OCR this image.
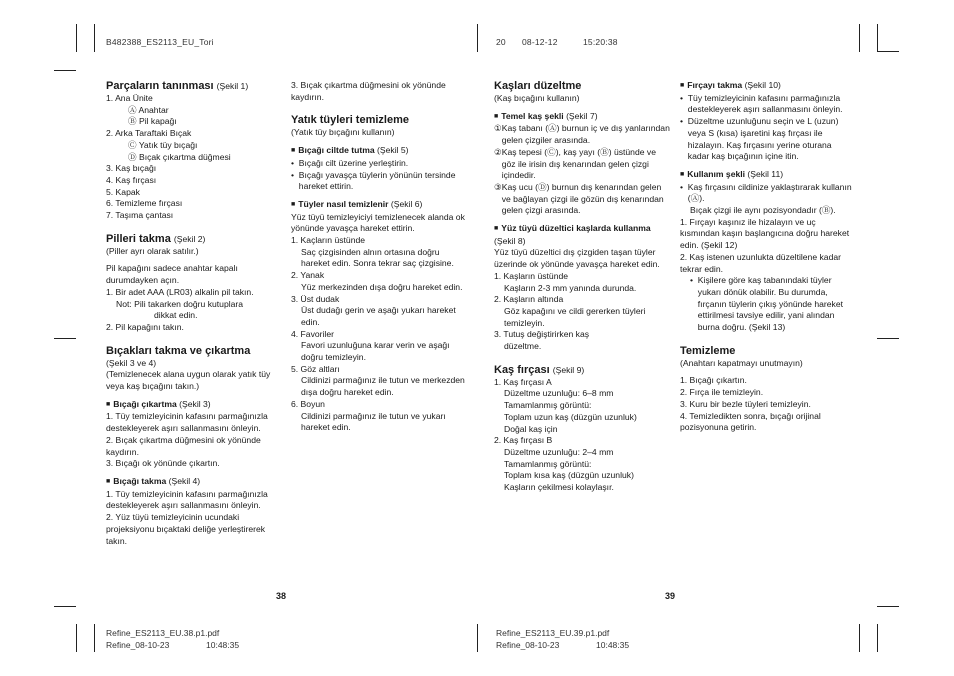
B482388_ES2113_EU_Tori	20 08-12-12	15:20:38
Parçaların tanınması (Şekil 1)
1. Ana Ünite
Ⓐ Anahtar
Ⓑ Pil kapağı
2. Arka Taraftaki Bıçak
Ⓒ Yatık tüy bıçağı
Ⓓ Bıçak çıkartma düğmesi
3. Kaş bıçağı
4. Kaş fırçası
5. Kapak
6. Temizleme fırçası
7. Taşıma çantası
Pilleri takma (Şekil 2)
(Piller ayrı olarak satılır.)
Pil kapağını sadece anahtar kapalı durumdayken açın.
1. Bir adet AAA (LR03) alkalin pil takın.
Not: Pili takarken doğru kutuplara
dikkat edin.
2. Pil kapağını takın.
Bıçakları takma ve çıkartma
(Şekil 3 ve 4)
(Temizlenecek alana uygun olarak yatık tüy veya kaş bıçağını takın.)
■ Bıçağı çıkartma (Şekil 3)
1. Tüy temizleyicinin kafasını parmağınızla destekleyerek aşırı sallanmasını önleyin.
2. Bıçak çıkartma düğmesini ok yönünde kaydırın.
3. Bıçağı ok yönünde çıkartın.
■ Bıçağı takma (Şekil 4)
1. Tüy temizleyicinin kafasını parmağınızla destekleyerek aşırı sallanmasını önleyin.
2. Yüz tüyü temizleyicinin ucundaki projeksiyonu bıçaktaki deliğe yerleştirerek takın.
3. Bıçak çıkartma düğmesini ok yönünde kaydırın.
Yatık tüyleri temizleme
(Yatık tüy bıçağını kullanın)
■ Bıçağı ciltde tutma (Şekil 5)
• Bıçağı cilt üzerine yerleştirin.
• Bıçağı yavaşça tüylerin yönünün tersinde hareket ettirin.
■ Tüyler nasıl temizlenir (Şekil 6)
Yüz tüyü temizleyiciyi temizlenecek alanda ok yönünde yavaşça hareket ettirin.
1. Kaçların üstünde
Saç çizgisinden alnın ortasına doğru hareket edin. Sonra tekrar saç çizgisine.
2. Yanak
Yüz merkezinden dışa doğru hareket edin.
3. Üst dudak
Üst dudağı gerin ve aşağı yukarı hareket edin.
4. Favoriler
Favori uzunluğuna karar verin ve aşağı doğru temizleyin.
5. Göz altları
Cildinizi parmağınız ile tutun ve merkezden dışa doğru hareket edin.
6. Boyun
Cildinizi parmağınız ile tutun ve yukarı hareket edin.
Kaşları düzeltme
(Kaş bıçağını kullanın)
■ Temel kaş şekli (Şekil 7)
① Kaş tabanı (Ⓐ) burnun iç ve dış yanlarından gelen çizgiler arasında.
② Kaş tepesi (Ⓒ), kaş yayı (Ⓑ) üstünde ve göz ile irisin dış kenarından gelen çizgi içindedir.
③ Kaş ucu (Ⓓ) burnun dış kenarından gelen ve bağlayan çizgi ile gözün dış kenarından gelen çizgi arasında.
■ Yüz tüyü düzeltici kaşlarda kullanma (Şekil 8)
Yüz tüyü düzeltici dış çizgiden taşan tüyler üzerinde ok yönünde yavaşça hareket edin.
1. Kaşların üstünde
Kaşların 2-3 mm yanında durunda.
2. Kaşların altında
Göz kapağını ve cildi gererken tüyleri temizleyin.
3. Tutuş değiştirirken kaş
düzeltme.
Kaş fırçası (Şekil 9)
1. Kaş fırçası A
Düzeltme uzunluğu: 6–8 mm
Tamamlanmış görüntü:
Toplam uzun kaş (düzgün uzunluk)
Doğal kaş için
2. Kaş fırçası B
Düzeltme uzunluğu: 2–4 mm
Tamamlanmış görüntü:
Toplam kısa kaş (düzgün uzunluk)
Kaşların çekilmesi kolaylaşır.
■ Fırçayı takma (Şekil 10)
• Tüy temizleyicinin kafasını parmağınızla destekleyerek aşırı sallanmasını önleyin.
• Düzeltme uzunluğunu seçin ve L (uzun) veya S (kısa) işaretini kaş fırçası ile hizalayın. Kaş fırçasını yerine oturana kadar kaş bıçağının içine itin.
■ Kullanım şekli (Şekil 11)
• Kaş fırçasını cildinize yaklaştırarak kullanın (Ⓐ).
Bıçak çizgi ile aynı pozisyondadır (Ⓑ).
1. Fırçayı kaşınız ile hizalayın ve uç kısmından kaşın başlangıcına doğru hareket edin. (Şekil 12)
2. Kaş istenen uzunlukta düzeltilene kadar tekrar edin.
• Kişilere göre kaş tabanındaki tüyler yukarı dönük olabilir. Bu durumda, fırçanın tüylerin çıkış yönünde hareket ettirilmesi tavsiye edilir, yani alından burna doğru. (Şekil 13)
Temizleme
(Anahtarı kapatmayı unutmayın)
1. Bıçağı çıkartın.
2. Fırça ile temizleyin.
3. Kuru bir bezle tüyleri temizleyin.
4. Temizledikten sonra, bıçağı orijinal pozisyonuna getirin.
38	39
Refine_ES2113_EU.38.p1.pdf
Refine_08-10-23	10:48:35
Refine_ES2113_EU.39.p1.pdf
Refine_08-10-23	10:48:35
